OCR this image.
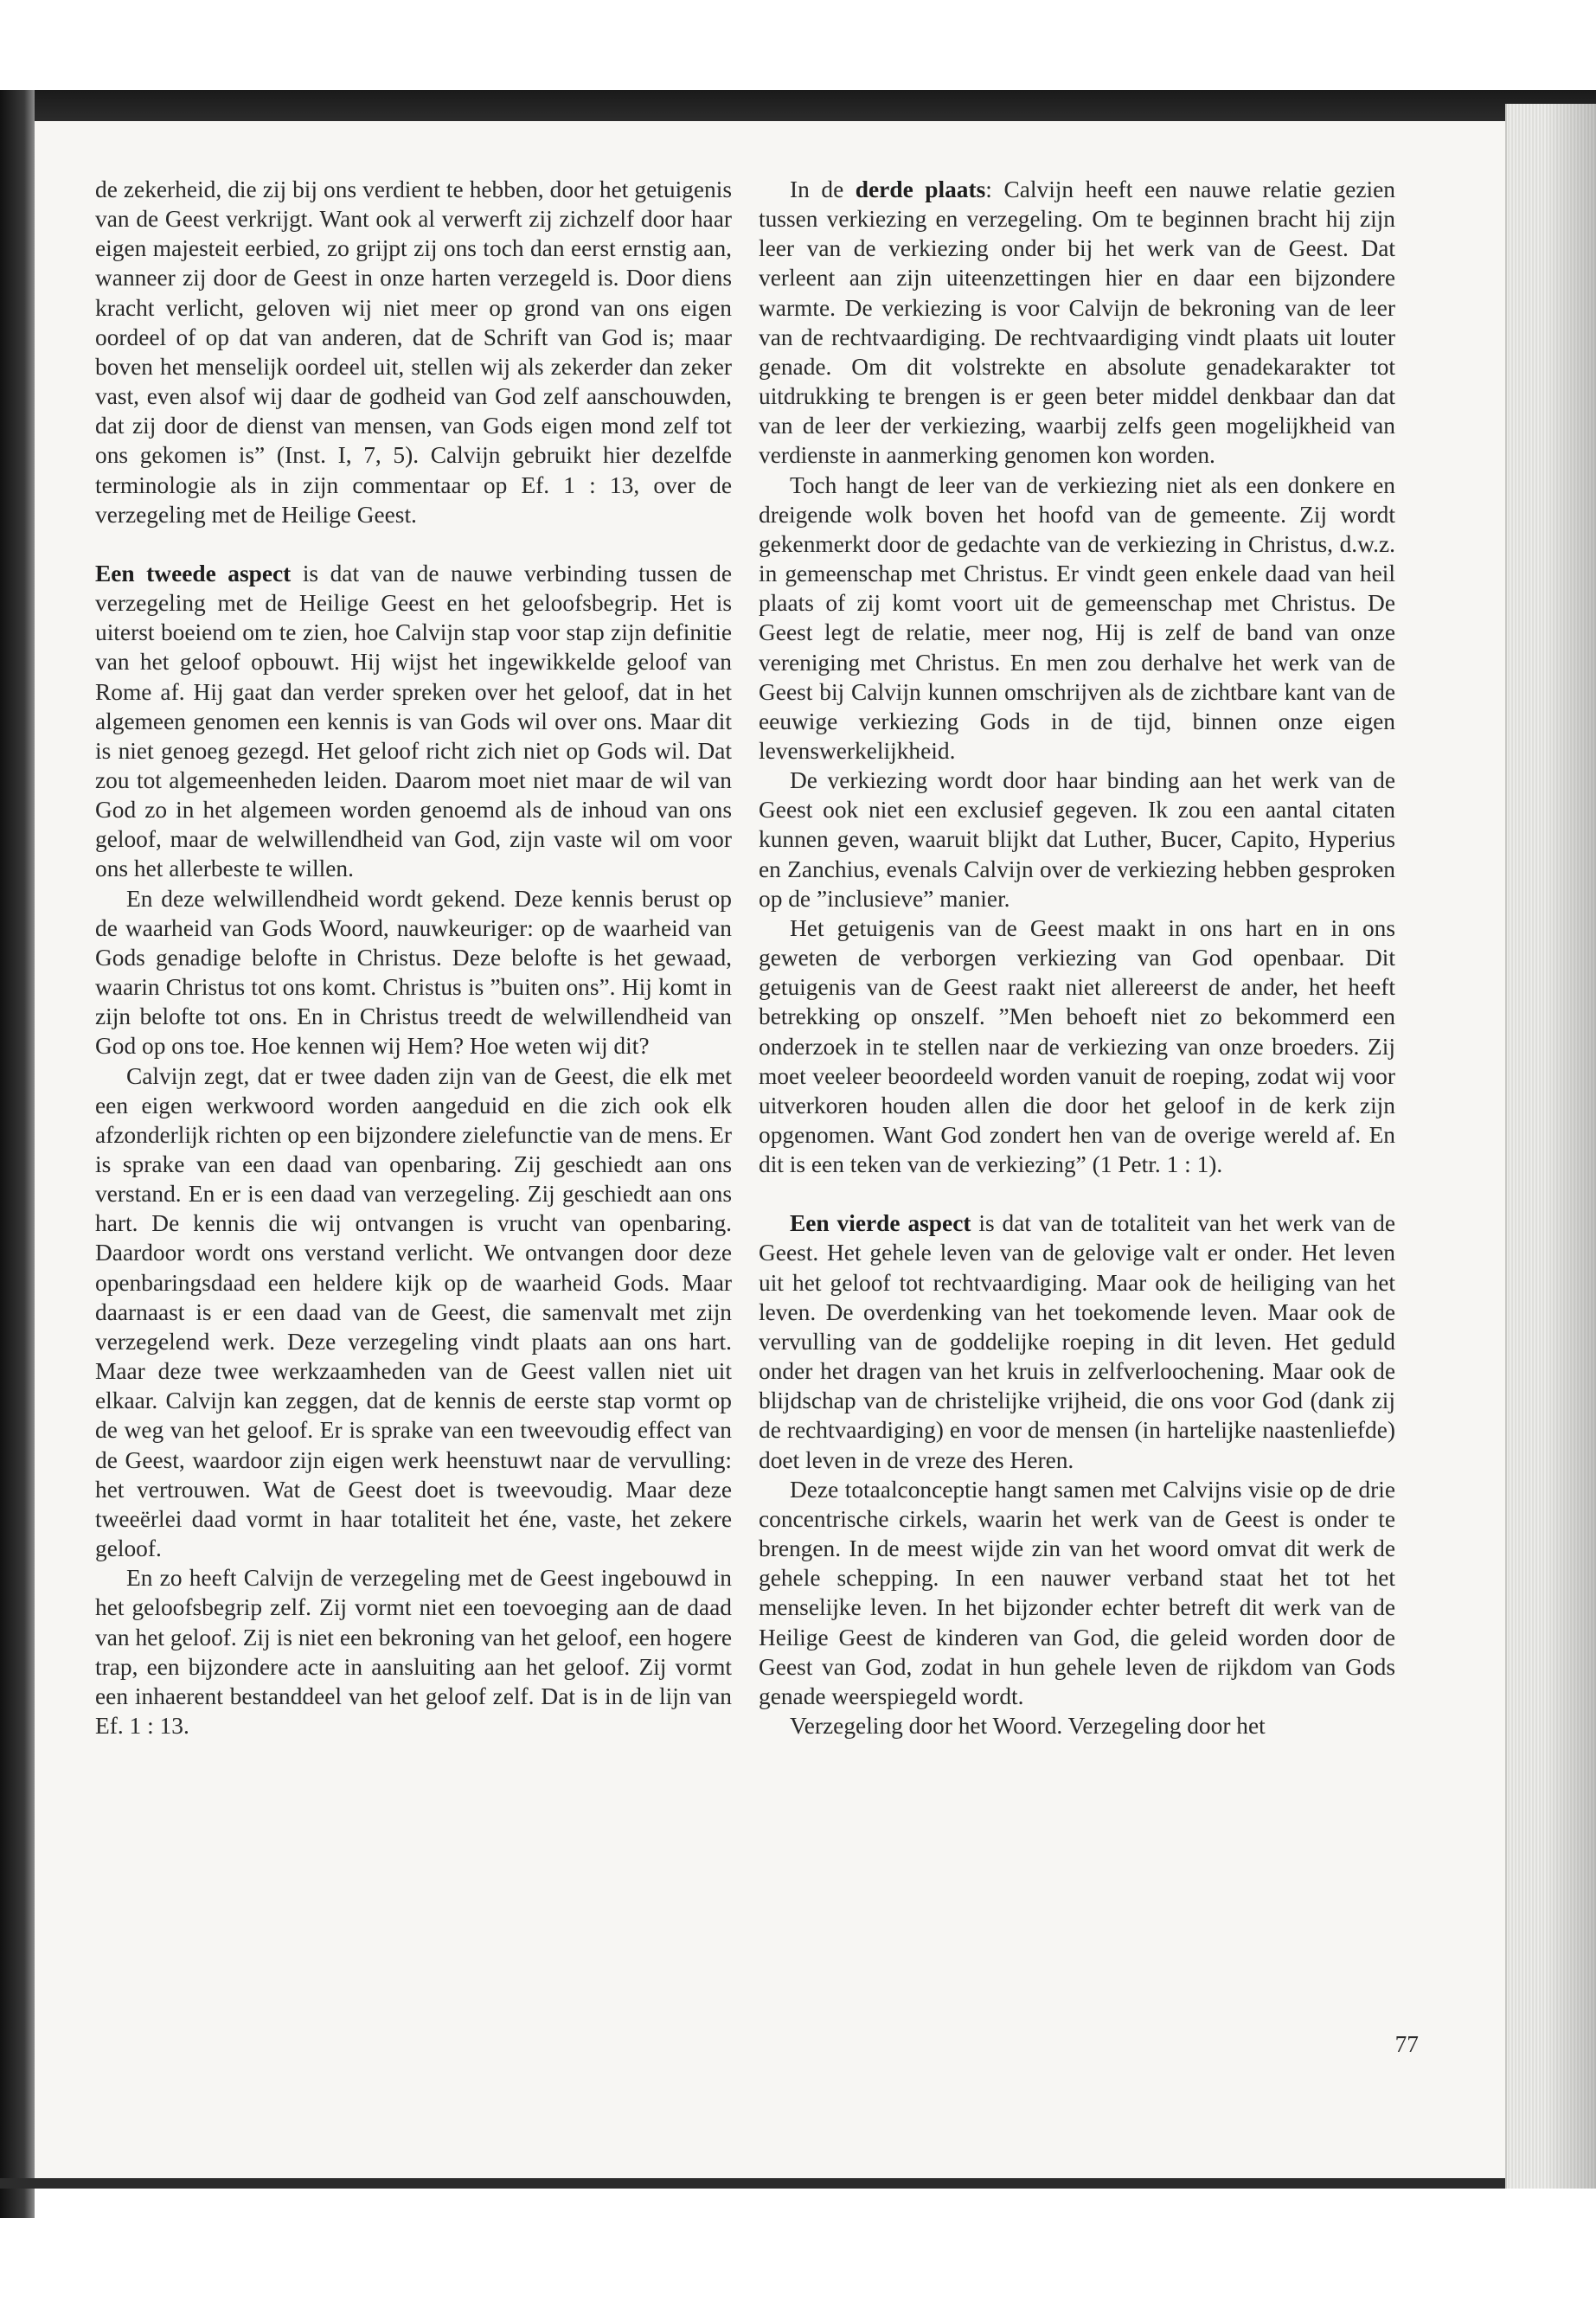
de zekerheid, die zij bij ons verdient te hebben, door het getuigenis van de Geest verkrijgt. Want ook al verwerft zij zichzelf door haar eigen majesteit eerbied, zo grijpt zij ons toch dan eerst ernstig aan, wanneer zij door de Geest in onze harten verzegeld is. Door diens kracht verlicht, geloven wij niet meer op grond van ons eigen oordeel of op dat van anderen, dat de Schrift van God is; maar boven het menselijk oordeel uit, stellen wij als zekerder dan zeker vast, even alsof wij daar de godheid van God zelf aanschouwden, dat zij door de dienst van mensen, van Gods eigen mond zelf tot ons gekomen is” (Inst. I, 7, 5). Calvijn gebruikt hier dezelfde terminologie als in zijn commentaar op Ef. 1 : 13, over de verzegeling met de Heilige Geest.

Een tweede aspect is dat van de nauwe verbinding tussen de verzegeling met de Heilige Geest en het geloofsbegrip. Het is uiterst boeiend om te zien, hoe Calvijn stap voor stap zijn definitie van het geloof opbouwt. Hij wijst het ingewikkelde geloof van Rome af. Hij gaat dan verder spreken over het geloof, dat in het algemeen genomen een kennis is van Gods wil over ons. Maar dit is niet genoeg gezegd. Het geloof richt zich niet op Gods wil. Dat zou tot algemeenheden leiden. Daarom moet niet maar de wil van God zo in het algemeen worden genoemd als de inhoud van ons geloof, maar de welwillendheid van God, zijn vaste wil om voor ons het allerbeste te willen.

En deze welwillendheid wordt gekend. Deze kennis berust op de waarheid van Gods Woord, nauwkeuriger: op de waarheid van Gods genadige belofte in Christus. Deze belofte is het gewaad, waarin Christus tot ons komt. Christus is ”buiten ons”. Hij komt in zijn belofte tot ons. En in Christus treedt de welwillendheid van God op ons toe. Hoe kennen wij Hem? Hoe weten wij dit?

Calvijn zegt, dat er twee daden zijn van de Geest, die elk met een eigen werkwoord worden aangeduid en die zich ook elk afzonderlijk richten op een bijzondere zielefunctie van de mens. Er is sprake van een daad van openbaring. Zij geschiedt aan ons verstand. En er is een daad van verzegeling. Zij geschiedt aan ons hart. De kennis die wij ontvangen is vrucht van openbaring. Daardoor wordt ons verstand verlicht. We ontvangen door deze openbaringsdaad een heldere kijk op de waarheid Gods. Maar daarnaast is er een daad van de Geest, die samenvalt met zijn verzegelend werk. Deze verzegeling vindt plaats aan ons hart. Maar deze twee werkzaamheden van de Geest vallen niet uit elkaar. Calvijn kan zeggen, dat de kennis de eerste stap vormt op de weg van het geloof. Er is sprake van een tweevoudig effect van de Geest, waardoor zijn eigen werk heenstuwt naar de vervulling: het vertrouwen. Wat de Geest doet is tweevoudig. Maar deze tweeërlei daad vormt in haar totaliteit het éne, vaste, het zekere geloof.

En zo heeft Calvijn de verzegeling met de Geest ingebouwd in het geloofsbegrip zelf. Zij vormt niet een toevoeging aan de daad van het geloof. Zij is niet een bekroning van het geloof, een hogere trap, een bijzondere acte in aansluiting aan het geloof. Zij vormt een inhaerent bestanddeel van het geloof zelf. Dat is in de lijn van Ef. 1 : 13.

In de derde plaats: Calvijn heeft een nauwe relatie gezien tussen verkiezing en verzegeling. Om te beginnen bracht hij zijn leer van de verkiezing onder bij het werk van de Geest. Dat verleent aan zijn uiteenzettingen hier en daar een bijzondere warmte. De verkiezing is voor Calvijn de bekroning van de leer van de rechtvaardiging. De rechtvaardiging vindt plaats uit louter genade. Om dit volstrekte en absolute genadekarakter tot uitdrukking te brengen is er geen beter middel denkbaar dan dat van de leer der verkiezing, waarbij zelfs geen mogelijkheid van verdienste in aanmerking genomen kon worden.

Toch hangt de leer van de verkiezing niet als een donkere en dreigende wolk boven het hoofd van de gemeente. Zij wordt gekenmerkt door de gedachte van de verkiezing in Christus, d.w.z. in gemeenschap met Christus. Er vindt geen enkele daad van heil plaats of zij komt voort uit de gemeenschap met Christus. De Geest legt de relatie, meer nog, Hij is zelf de band van onze vereniging met Christus. En men zou derhalve het werk van de Geest bij Calvijn kunnen omschrijven als de zichtbare kant van de eeuwige verkiezing Gods in de tijd, binnen onze eigen levenswerkelijkheid.

De verkiezing wordt door haar binding aan het werk van de Geest ook niet een exclusief gegeven. Ik zou een aantal citaten kunnen geven, waaruit blijkt dat Luther, Bucer, Capito, Hyperius en Zanchius, evenals Calvijn over de verkiezing hebben gesproken op de ”inclusieve” manier.

Het getuigenis van de Geest maakt in ons hart en in ons geweten de verborgen verkiezing van God openbaar. Dit getuigenis van de Geest raakt niet allereerst de ander, het heeft betrekking op onszelf. ”Men behoeft niet zo bekommerd een onderzoek in te stellen naar de verkiezing van onze broeders. Zij moet veeleer beoordeeld worden vanuit de roeping, zodat wij voor uitverkoren houden allen die door het geloof in de kerk zijn opgenomen. Want God zondert hen van de overige wereld af. En dit is een teken van de verkiezing” (1 Petr. 1 : 1).

Een vierde aspect is dat van de totaliteit van het werk van de Geest. Het gehele leven van de gelovige valt er onder. Het leven uit het geloof tot rechtvaardiging. Maar ook de heiliging van het leven. De overdenking van het toekomende leven. Maar ook de vervulling van de goddelijke roeping in dit leven. Het geduld onder het dragen van het kruis in zelfverloochening. Maar ook de blijdschap van de christelijke vrijheid, die ons voor God (dank zij de rechtvaardiging) en voor de mensen (in hartelijke naastenliefde) doet leven in de vreze des Heren.

Deze totaalconceptie hangt samen met Calvijns visie op de drie concentrische cirkels, waarin het werk van de Geest is onder te brengen. In de meest wijde zin van het woord omvat dit werk de gehele schepping. In een nauwer verband staat het tot het menselijke leven. In het bijzonder echter betreft dit werk van de Heilige Geest de kinderen van God, die geleid worden door de Geest van God, zodat in hun gehele leven de rijkdom van Gods genade weerspiegeld wordt.

Verzegeling door het Woord. Verzegeling door het

77
